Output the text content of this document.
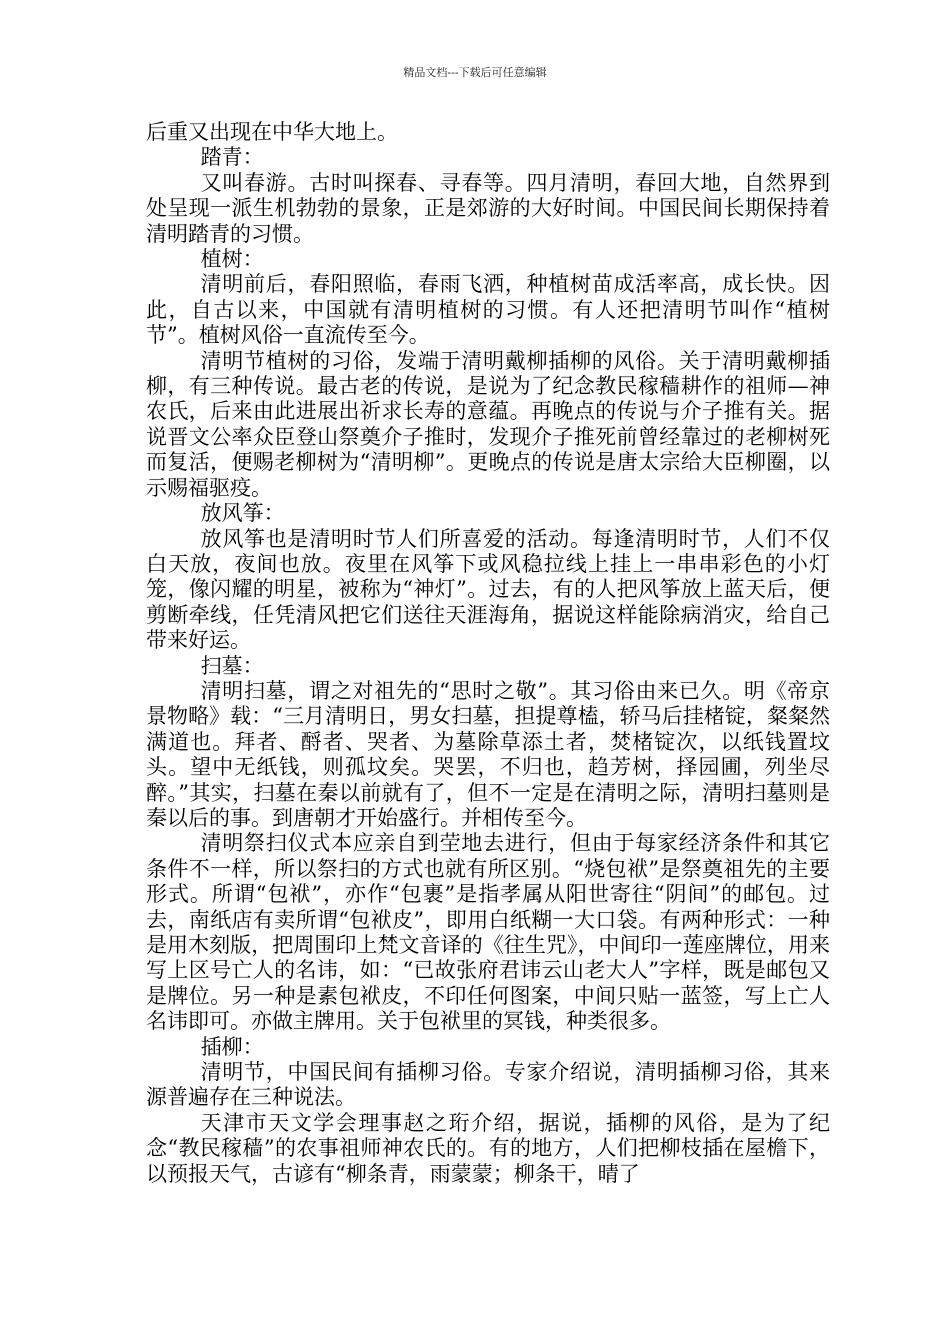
精品文档---下载后可任意编辑

后重又出现在中华大地上。

踏青：

又叫春游。古时叫探春、寻春等。四月清明，春回大地，自然界到处呈现一派生机勃勃的景象，正是郊游的大好时间。中国民间长期保持着清明踏青的习惯。

植树：

清明前后，春阳照临，春雨飞洒，种植树苗成活率高，成长快。因此，自古以来，中国就有清明植树的习惯。有人还把清明节叫作“植树节”。植树风俗一直流传至今。

清明节植树的习俗，发端于清明戴柳插柳的风俗。关于清明戴柳插柳，有三种传说。最古老的传说，是说为了纪念教民稼穑耕作的祖师—神农氏，后来由此进展出祈求长寿的意蕴。再晚点的传说与介子推有关。据说晋文公率众臣登山祭奠介子推时，发现介子推死前曾经靠过的老柳树死而复活，便赐老柳树为“清明柳”。更晚点的传说是唐太宗给大臣柳圈，以示赐福驱疫。

放风筝：

放风筝也是清明时节人们所喜爱的活动。每逢清明时节，人们不仅白天放，夜间也放。夜里在风筝下或风稳拉线上挂上一串串彩色的小灯笼，像闪耀的明星，被称为“神灯”。过去，有的人把风筝放上蓝天后，便剪断牵线，任凭清风把它们送往天涯海角，据说这样能除病消灾，给自己带来好运。

扫墓：

清明扫墓，谓之对祖先的“思时之敬”。其习俗由来已久。明《帝京景物略》载：“三月清明日，男女扫墓，担提尊榼，轿马后挂楮锭，粲粲然满道也。拜者、酹者、哭者、为墓除草添土者，焚楮锭次，以纸钱置坟头。望中无纸钱，则孤坟矣。哭罢，不归也，趋芳树，择园圃，列坐尽醉。”其实，扫墓在秦以前就有了，但不一定是在清明之际，清明扫墓则是秦以后的事。到唐朝才开始盛行。并相传至今。

清明祭扫仪式本应亲自到茔地去进行，但由于每家经济条件和其它条件不一样，所以祭扫的方式也就有所区别。“烧包袱”是祭奠祖先的主要形式。所谓“包袱”，亦作“包裹”是指孝属从阳世寄往“阴间”的邮包。过去，南纸店有卖所谓“包袱皮”，即用白纸糊一大口袋。有两种形式：一种是用木刻版，把周围印上梵文音译的《往生咒》，中间印一莲座牌位，用来写上区号亡人的名讳，如：“已故张府君讳云山老大人”字样，既是邮包又是牌位。另一种是素包袱皮，不印任何图案，中间只贴一蓝签，写上亡人名讳即可。亦做主牌用。关于包袱里的冥钱，种类很多。

插柳：

清明节，中国民间有插柳习俗。专家介绍说，清明插柳习俗，其来源普遍存在三种说法。

天津市天文学会理事赵之珩介绍，据说，插柳的风俗，是为了纪念“教民稼穑”的农事祖师神农氏的。有的地方，人们把柳枝插在屋檐下，以预报天气，古谚有“柳条青，雨蒙蒙；柳条干，晴了
